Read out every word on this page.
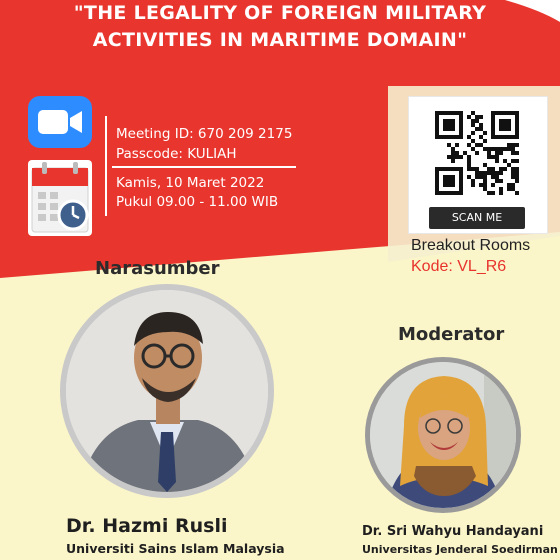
"THE LEGALITY OF FOREIGN MILITARY
ACTIVITIES IN MARITIME DOMAIN"
Meeting ID: 670 209 2175
Passcode: KULIAH
Kamis, 10 Maret 2022
Pukul 09.00 - 11.00 WIB
SCAN ME
Breakout Rooms
Kode: VL_R6
Narasumber
Dr. Hazmi Rusli
Universiti Sains Islam Malaysia
Moderator
Dr. Sri Wahyu Handayani
Universitas Jenderal Soedirman
